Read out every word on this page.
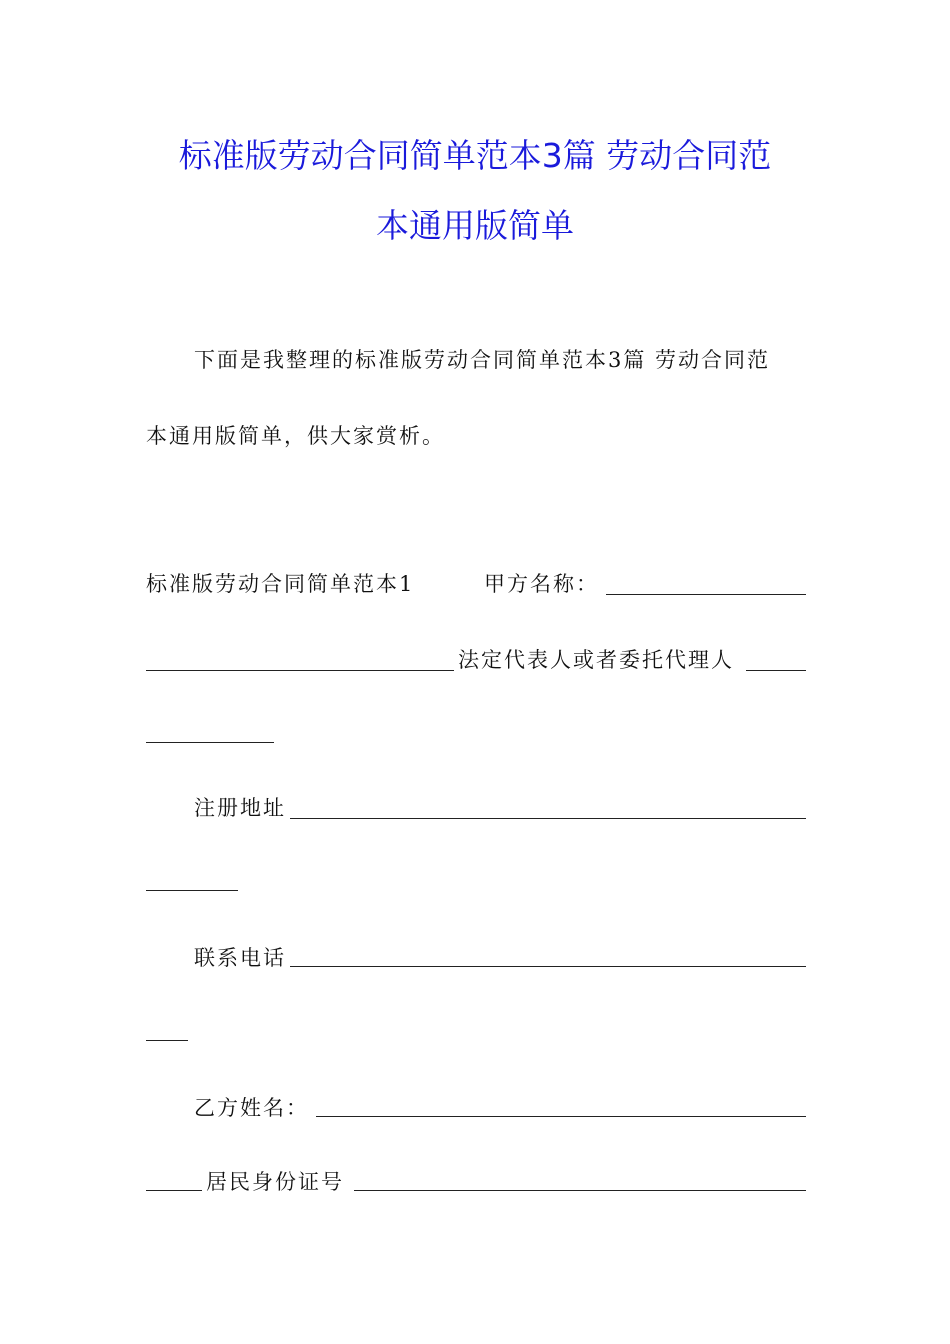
标准版劳动合同简单范本3篇 劳动合同范
本通用版简单
下面是我整理的标准版劳动合同简单范本3篇 劳动合同范
本通用版简单，供大家赏析。
标准版劳动合同简单范本1	甲方名称：
法定代表人或者委托代理人
注册地址
联系电话
乙方姓名：
居民身份证号
